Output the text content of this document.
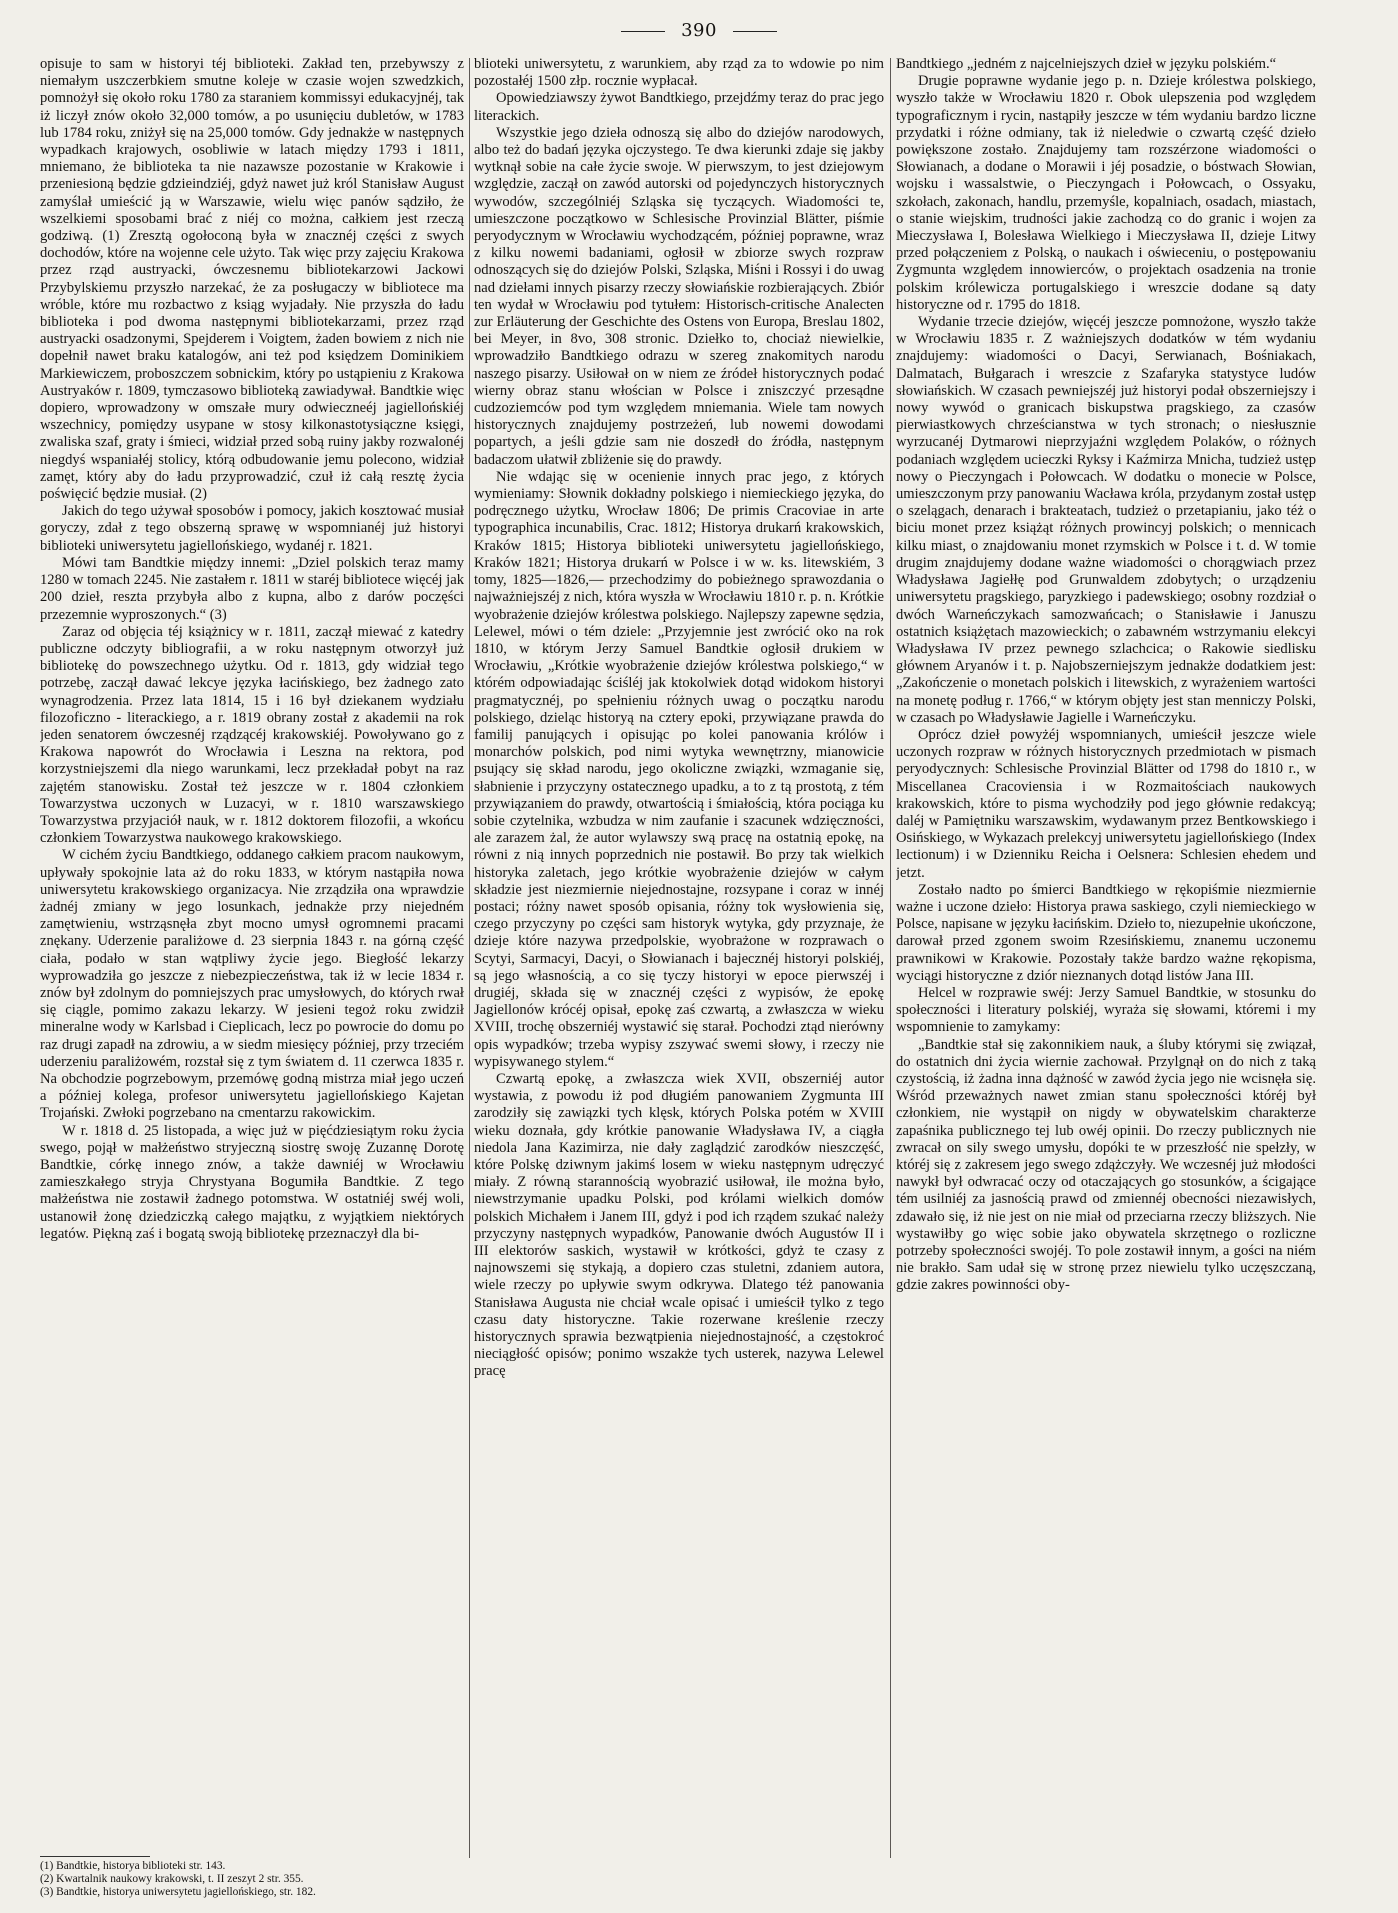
390

opisuje to sam w historyi téj biblioteki. Zakład ten, przebywszy z niemałym uszczerbkiem smutne koleje w czasie wojen szwedzkich, pomnożył się około roku 1780 za staraniem kommissyi edukacyjnéj, tak iż liczył znów około 32,000 tomów, a po usunięciu dubletów, w 1783 lub 1784 roku, zniżył się na 25,000 tomów. Gdy jednakże w następnych wypadkach krajowych, osobliwie w latach między 1793 i 1811, mniemano, że biblioteka ta nie nazawsze pozostanie w Krakowie i przeniesioną będzie gdzieindziéj, gdyż nawet już król Stanisław August zamyślał umieścić ją w Warszawie, wielu więc panów sądziło, że wszelkiemi sposobami brać z niéj co można, całkiem jest rzeczą godziwą. (1) Zresztą ogołoconą była w znacznéj części z swych dochodów, które na wojenne cele użyto. Tak więc przy zajęciu Krakowa przez rząd austryacki, ówczesnemu bibliotekarzowi Jackowi Przybylskiemu przyszło narzekać, że za posługaczy w bibliotece ma wróble, które mu rozbactwo z ksiąg wyjadały. Nie przyszła do ładu biblioteka i pod dwoma następnymi bibliotekarzami, przez rząd austryacki osadzonymi, Spejderem i Voigtem, żaden bowiem z nich nie dopełnił nawet braku katalogów, ani też pod księdzem Dominikiem Markiewiczem, proboszczem sobnickim, który po ustąpieniu z Krakowa Austryaków r. 1809, tymczasowo biblioteką zawiadywał. Bandtkie więc dopiero, wprowadzony w omszałe mury odwieczneéj jagiellońskiéj wszechnicy, pomiędzy usypane w stosy kilkonastotysiączne księgi, zwaliska szaf, graty i śmieci, widział przed sobą ruiny jakby rozwalonéj niegdyś wspaniałéj stolicy, którą odbudowanie jemu polecono, widział zamęt, który aby do ładu przyprowadzić, czuł iż całą resztę życia poświęcić będzie musiał. (2)

Jakich do tego używał sposobów i pomocy, jakich kosztować musiał goryczy, zdał z tego obszerną sprawę w wspomnianéj już historyi biblioteki uniwersytetu jagiellońskiego, wydanéj r. 1821.

Mówi tam Bandtkie między innemi: „Dziel polskich teraz mamy 1280 w tomach 2245. Nie zastałem r. 1811 w staréj bibliotece więcéj jak 200 dzieł, reszta przybyła albo z kupna, albo z darów poczęści przezemnie wyproszonych.“ (3)

Zaraz od objęcia téj książnicy w r. 1811, zaczął miewać z katedry publiczne odczyty bibliografii, a w roku następnym otworzył już bibliotekę do powszechnego użytku. Od r. 1813, gdy widział tego potrzebę, zaczął dawać lekcye języka łacińskiego, bez żadnego zato wynagrodzenia. Przez lata 1814, 15 i 16 był dziekanem wydziału filozoficzno - literackiego, a r. 1819 obrany został z akademii na rok jeden senatorem ówczesnéj rządzącéj krakowskiéj. Powoływano go z Krakowa napowrót do Wrocławia i Leszna na rektora, pod korzystniejszemi dla niego warunkami, lecz przekładał pobyt na raz zajętém stanowisku. Został też jeszcze w r. 1804 członkiem Towarzystwa uczonych w Luzacyi, w r. 1810 warszawskiego Towarzystwa przyjaciół nauk, w r. 1812 doktorem filozofii, a wkońcu członkiem Towarzystwa naukowego krakowskiego.

W cichém życiu Bandtkiego, oddanego całkiem pracom naukowym, upływały spokojnie lata aż do roku 1833, w którym nastąpiła nowa uniwersytetu krakowskiego organizacya. Nie zrządziła ona wprawdzie żadnéj zmiany w jego losunkach, jednakże przy niejedném zamętwieniu, wstrząsnęła zbyt mocno umysł ogromnemi pracami znękany. Uderzenie paraliżowe d. 23 sierpnia 1843 r. na górną część ciała, podało w stan wątpliwy życie jego. Biegłość lekarzy wyprowadziła go jeszcze z niebezpieczeństwa, tak iż w lecie 1834 r. znów był zdolnym do pomniejszych prac umysłowych, do których rwał się ciągle, pomimo zakazu lekarzy. W jesieni tegoż roku zwidził mineralne wody w Karlsbad i Cieplicach, lecz po powrocie do domu po raz drugi zapadł na zdrowiu, a w siedm miesięcy później, przy trzeciém uderzeniu paraliżowém, rozstał się z tym światem d. 11 czerwca 1835 r. Na obchodzie pogrzebowym, przemówę godną mistrza miał jego uczeń a później kolega, profesor uniwersytetu jagiellońskiego Kajetan Trojański. Zwłoki pogrzebano na cmentarzu rakowickim.

W r. 1818 d. 25 listopada, a więc już w pięćdziesiątym roku życia swego, pojął w małżeństwo stryjeczną siostrę swoję Zuzannę Dorotę Bandtkie, córkę innego znów, a także dawniéj w Wrocławiu zamieszkałego stryja Chrystyana Bogumiła Bandtkie. Z tego małżeństwa nie zostawił żadnego potomstwa. W ostatniéj swéj woli, ustanowił żonę dziedziczką całego majątku, z wyjątkiem niektórych legatów. Piękną zaś i bogatą swoją bibliotekę przeznaczył dla bi-

blioteki uniwersytetu, z warunkiem, aby rząd za to wdowie po nim pozostałéj 1500 złp. rocznie wypłacał.

Opowiedziawszy żywot Bandtkiego, przejdźmy teraz do prac jego literackich.

Wszystkie jego dzieła odnoszą się albo do dziejów narodowych, albo też do badań języka ojczystego. Te dwa kierunki zdaje się jakby wytknął sobie na całe życie swoje. W pierwszym, to jest dziejowym względzie, zaczął on zawód autorski od pojedynczych historycznych wywodów, szczególniéj Szląska się tyczących. Wiadomości te, umieszczone początkowo w Schlesische Provinzial Blätter, piśmie peryodycznym w Wrocławiu wychodzącém, później poprawne, wraz z kilku nowemi badaniami, ogłosił w zbiorze swych rozpraw odnoszących się do dziejów Polski, Szląska, Miśni i Rossyi i do uwag nad dziełami innych pisarzy rzeczy słowiańskie rozbierających. Zbiór ten wydał w Wrocławiu pod tytułem: Historisch-critische Analecten zur Erläuterung der Geschichte des Ostens von Europa, Breslau 1802, bei Meyer, in 8vo, 308 stronic. Dziełko to, chociaż niewielkie, wprowadziło Bandtkiego odrazu w szereg znakomitych narodu naszego pisarzy. Usiłował on w niem ze źródeł historycznych podać wierny obraz stanu włościan w Polsce i zniszczyć przesądne cudzoziemców pod tym względem mniemania. Wiele tam nowych historycznych znajdujemy postrzeżeń, lub nowemi dowodami popartych, a jeśli gdzie sam nie doszedł do źródła, następnym badaczom ułatwił zbliżenie się do prawdy.

Nie wdając się w ocenienie innych prac jego, z których wymieniamy: Słownik dokładny polskiego i niemieckiego języka, do podręcznego użytku, Wrocław 1806; De primis Cracoviae in arte typographica incunabilis, Crac. 1812; Historya drukarń krakowskich, Kraków 1815; Historya biblioteki uniwersytetu jagiellońskiego, Kraków 1821; Historya drukarń w Polsce i w w. ks. litewskiém, 3 tomy, 1825—1826,— przechodzimy do pobieżnego sprawozdania o najważniejszéj z nich, która wyszła w Wrocławiu 1810 r. p. n. Krótkie wyobrażenie dziejów królestwa polskiego. Najlepszy zapewne sędzia, Lelewel, mówi o tém dziele: „Przyjemnie jest zwrócić oko na rok 1810, w którym Jerzy Samuel Bandtkie ogłosił drukiem w Wrocławiu, „Krótkie wyobrażenie dziejów królestwa polskiego,“ w którém odpowiadając ściśléj jak ktokolwiek dotąd widokom historyi pragmatycznéj, po spełnieniu różnych uwag o początku narodu polskiego, dzieląc historyą na cztery epoki, przywiązane prawda do familij panujących i opisując po kolei panowania królów i monarchów polskich, pod nimi wytyka wewnętrzny, mianowicie psujący się skład narodu, jego okoliczne związki, wzmaganie się, słabnienie i przyczyny ostatecznego upadku, a to z tą prostotą, z tém przywiązaniem do prawdy, otwartością i śmiałością, która pociąga ku sobie czytelnika, wzbudza w nim zaufanie i szacunek wdzięczności, ale zarazem żal, że autor wylawszy swą pracę na ostatnią epokę, na równi z nią innych poprzednich nie postawił. Bo przy tak wielkich historyka zaletach, jego krótkie wyobrażenie dziejów w całym składzie jest niezmiernie niejednostajne, rozsypane i coraz w innéj postaci; różny nawet sposób opisania, różny tok wysłowienia się, czego przyczyny po części sam historyk wytyka, gdy przyznaje, że dzieje które nazywa przedpolskie, wyobrażone w rozprawach o Scytyi, Sarmacyi, Dacyi, o Słowianach i bajecznéj historyi polskiéj, są jego własnością, a co się tyczy historyi w epoce pierwszéj i drugiéj, składa się w znacznéj części z wypisów, że epokę Jagiellonów krócéj opisał, epokę zaś czwartą, a zwłaszcza w wieku XVIII, trochę obszerniéj wystawić się starał. Pochodzi ztąd nierówny opis wypadków; trzeba wypisy zszywać swemi słowy, i rzeczy nie wypisywanego stylem.“

Czwartą epokę, a zwłaszcza wiek XVII, obszerniéj autor wystawia, z powodu iż pod długiém panowaniem Zygmunta III zarodziły się zawiązki tych klęsk, których Polska potém w XVIII wieku doznała, gdy krótkie panowanie Władysława IV, a ciągła niedola Jana Kazimirza, nie dały zaglądzić zarodków nieszczęść, które Polskę dziwnym jakimś losem w wieku następnym udręczyć miały. Z równą starannością wyobrazić usiłował, ile można było, niewstrzymanie upadku Polski, pod królami wielkich domów polskich Michałem i Janem III, gdyż i pod ich rządem szukać należy przyczyny następnych wypadków, Panowanie dwóch Augustów II i III elektorów saskich, wystawił w krótkości, gdyż te czasy z najnowszemi się stykają, a dopiero czas stuletni, zdaniem autora, wiele rzeczy po upływie swym odkrywa. Dlatego téż panowania Stanisława Augusta nie chciał wcale opisać i umieścił tylko z tego czasu daty historyczne. Takie rozerwane kreślenie rzeczy historycznych sprawia bezwątpienia niejednostajność, a częstokroć nieciągłość opisów; ponimo wszakże tych usterek, nazywa Lelewel pracę

Bandtkiego „jedném z najcelniejszych dzieł w języku polskiém.“

Drugie poprawne wydanie jego p. n. Dzieje królestwa polskiego, wyszło także w Wrocławiu 1820 r. Obok ulepszenia pod względem typograficznym i rycin, nastąpiły jeszcze w tém wydaniu bardzo liczne przydatki i różne odmiany, tak iż nieledwie o czwartą część dzieło powiększone zostało. Znajdujemy tam rozszérzone wiadomości o Słowianach, a dodane o Morawii i jéj posadzie, o bóstwach Słowian, wojsku i wassalstwie, o Pieczyngach i Połowcach, o Ossyaku, szkołach, zakonach, handlu, przemyśle, kopalniach, osadach, miastach, o stanie wiejskim, trudności jakie zachodzą co do granic i wojen za Mieczysława I, Bolesława Wielkiego i Mieczysława II, dzieje Litwy przed połączeniem z Polską, o naukach i oświeceniu, o postępowaniu Zygmunta względem innowierców, o projektach osadzenia na tronie polskim królewicza portugalskiego i wreszcie dodane są daty historyczne od r. 1795 do 1818.

Wydanie trzecie dziejów, więcéj jeszcze pomnożone, wyszło także w Wrocławiu 1835 r. Z ważniejszych dodatków w tém wydaniu znajdujemy: wiadomości o Dacyi, Serwianach, Bośniakach, Dalmatach, Bułgarach i wreszcie z Szafaryka statystyce ludów słowiańskich. W czasach pewniejszéj już historyi podał obszerniejszy i nowy wywód o granicach biskupstwa pragskiego, za czasów pierwiastkowych chrześcianstwa w tych stronach; o niesłusznie wyrzucanéj Dytmarowi nieprzyjaźni względem Polaków, o różnych podaniach względem ucieczki Ryksy i Kaźmirza Mnicha, tudzież ustęp nowy o Pieczyngach i Połowcach. W dodatku o monecie w Polsce, umieszczonym przy panowaniu Wacława króla, przydanym został ustęp o szelągach, denarach i brakteatach, tudzież o przetapianiu, jako téż o biciu monet przez książąt różnych prowincyj polskich; o mennicach kilku miast, o znajdowaniu monet rzymskich w Polsce i t. d. W tomie drugim znajdujemy dodane ważne wiadomości o chorągwiach przez Władysława Jagiełłę pod Grunwaldem zdobytych; o urządzeniu uniwersytetu pragskiego, paryzkiego i padewskiego; osobny rozdział o dwóch Warneńczykach samozwańcach; o Stanisławie i Januszu ostatnich książętach mazowieckich; o zabawném wstrzymaniu elekcyi Władysława IV przez pewnego szlachcica; o Rakowie siedlisku głównem Aryanów i t. p. Najobszerniejszym jednakże dodatkiem jest: „Zakończenie o monetach polskich i litewskich, z wyrażeniem wartości na monetę podług r. 1766,“ w którym objęty jest stan menniczy Polski, w czasach po Władysławie Jagielle i Warneńczyku.

Oprócz dzieł powyżéj wspomnianych, umieścił jeszcze wiele uczonych rozpraw w różnych historycznych przedmiotach w pismach peryodycznych: Schlesische Provinzial Blätter od 1798 do 1810 r., w Miscellanea Cracoviensia i w Rozmaitościach naukowych krakowskich, które to pisma wychodziły pod jego głównie redakcyą; daléj w Pamiętniku warszawskim, wydawanym przez Bentkowskiego i Osińskiego, w Wykazach prelekcyj uniwersytetu jagiellońskiego (Index lectionum) i w Dzienniku Reicha i Oelsnera: Schlesien ehedem und jetzt.

Zostało nadto po śmierci Bandtkiego w rękopiśmie niezmiernie ważne i uczone dzieło: Historya prawa saskiego, czyli niemieckiego w Polsce, napisane w języku łacińskim. Dzieło to, niezupełnie ukończone, darował przed zgonem swoim Rzesińskiemu, znanemu uczonemu prawnikowi w Krakowie. Pozostały także bardzo ważne rękopisma, wyciągi historyczne z dziór nieznanych dotąd listów Jana III.

Helcel w rozprawie swéj: Jerzy Samuel Bandtkie, w stosunku do społeczności i literatury polskiéj, wyraża się słowami, któremi i my wspomnienie to zamykamy:

„Bandtkie stał się zakonnikiem nauk, a śluby którymi się związał, do ostatnich dni życia wiernie zachował. Przylgnął on do nich z taką czystością, iż żadna inna dążność w zawód życia jego nie wcisnęła się. Wśród przeważnych nawet zmian stanu społeczności któréj był członkiem, nie wystąpił on nigdy w obywatelskim charakterze zapaśnika publicznego tej lub owéj opinii. Do rzeczy publicznych nie zwracał on sily swego umysłu, dopóki te w przeszłość nie spełzły, w któréj się z zakresem jego swego zdążczyły. We wczesnéj już młodości nawykł był odwracać oczy od otaczających go stosunków, a ścigające tém usilniéj za jasnością prawd od zmiennéj obecności niezawisłych, zdawało się, iż nie jest on nie miał od przeciarna rzeczy bliższych. Nie wystawiłby go więc sobie jako obywatela skrzętnego o rozliczne potrzeby społeczności swojéj. To pole zostawił innym, a gości na niém nie brakło. Sam udał się w stronę przez niewielu tylko uczęszczaną, gdzie zakres powinności oby-

(1) Bandtkie, historya biblioteki str. 143.
(2) Kwartalnik naukowy krakowski, t. II zeszyt 2 str. 355.
(3) Bandtkie, historya uniwersytetu jagiellońskiego, str. 182.
